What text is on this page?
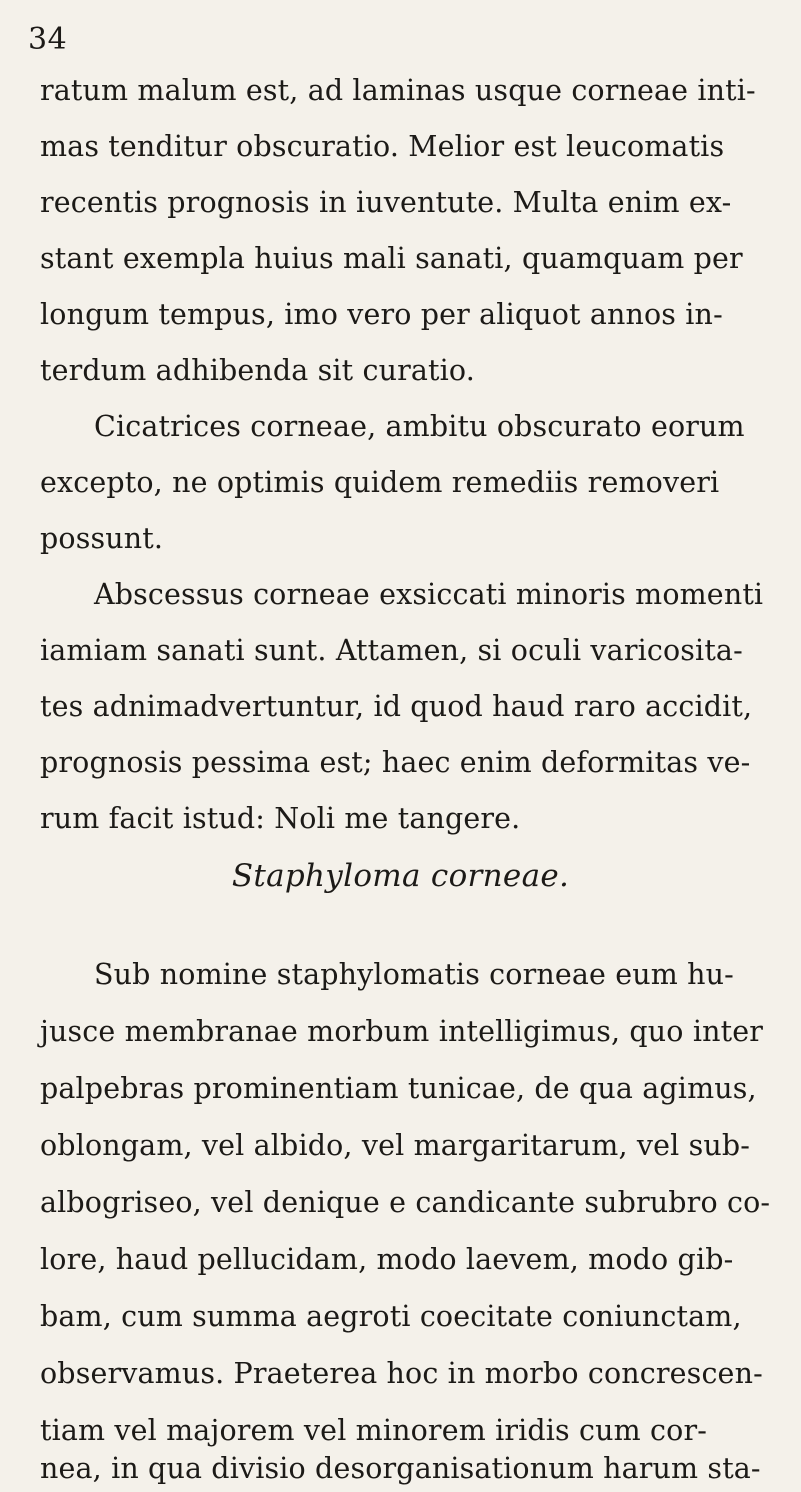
34
ratum malum est, ad laminas usque corneae inti-
mas tenditur obscuratio. Melior est leucomatis
recentis prognosis in iuventute. Multa enim ex-
stant exempla huius mali sanati, quamquam per
longum tempus, imo vero per aliquot annos in-
terdum adhibenda sit curatio.
Cicatrices corneae, ambitu obscurato eorum
excepto, ne optimis quidem remediis removeri
possunt.
Abscessus corneae exsiccati minoris momenti
iamiam sanati sunt. Attamen, si oculi varicosita-
tes adnimadvertuntur, id quod haud raro accidit,
prognosis pessima est; haec enim deformitas ve-
rum facit istud: Noli me tangere.
Staphyloma corneae.
Sub nomine staphylomatis corneae eum hu-
jusce membranae morbum intelligimus, quo inter
palpebras prominentiam tunicae, de qua agimus,
oblongam, vel albido, vel margaritarum, vel sub-
albogriseo, vel denique e candicante subrubro co-
lore, haud pellucidam, modo laevem, modo gib-
bam, cum summa aegroti coecitate coniunctam,
observamus. Praeterea hoc in morbo concrescen-
tiam vel majorem vel minorem iridis cum cor-
nea, in qua divisio desorganisationum harum sta-
